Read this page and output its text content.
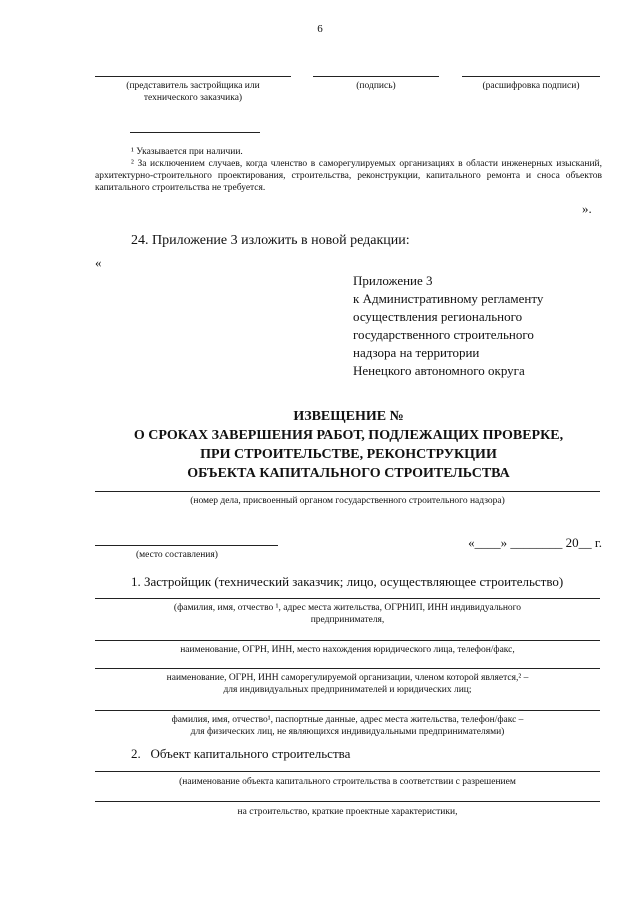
6
(представитель застройщика или технического заказчика)
(подпись)	(расшифровка подписи)
¹ Указывается при наличии.
² За исключением случаев, когда членство в саморегулируемых организациях в области инженерных изысканий, архитектурно-строительного проектирования, строительства, реконструкции, капитального ремонта и сноса объектов капитального строительства не требуется.
».
24. Приложение 3 изложить в новой редакции:
«
Приложение 3
к Административному регламенту
осуществления регионального
государственного строительного
надзора на территории
Ненецкого автономного округа
ИЗВЕЩЕНИЕ №
О СРОКАХ ЗАВЕРШЕНИЯ РАБОТ, ПОДЛЕЖАЩИХ ПРОВЕРКЕ,
ПРИ СТРОИТЕЛЬСТВЕ, РЕКОНСТРУКЦИИ
ОБЪЕКТА КАПИТАЛЬНОГО СТРОИТЕЛЬСТВА
(номер дела, присвоенный органом государственного строительного надзора)
(место составления)
«____» ________ 20__ г.
1. Застройщик (технический заказчик; лицо, осуществляющее строительство)
(фамилия, имя, отчество ¹, адрес места жительства, ОГРНИП, ИНН индивидуального
предпринимателя,
наименование, ОГРН, ИНН, место нахождения юридического лица, телефон/факс,
наименование, ОГРН, ИНН саморегулируемой организации, членом которой является,² –
для индивидуальных предпринимателей и юридических лиц;
фамилия, имя, отчество¹, паспортные данные, адрес места жительства, телефон/факс –
для физических лиц, не являющихся индивидуальными предпринимателями)
2.   Объект капитального строительства
(наименование объекта капитального строительства в соответствии с разрешением
на строительство, краткие проектные характеристики,
